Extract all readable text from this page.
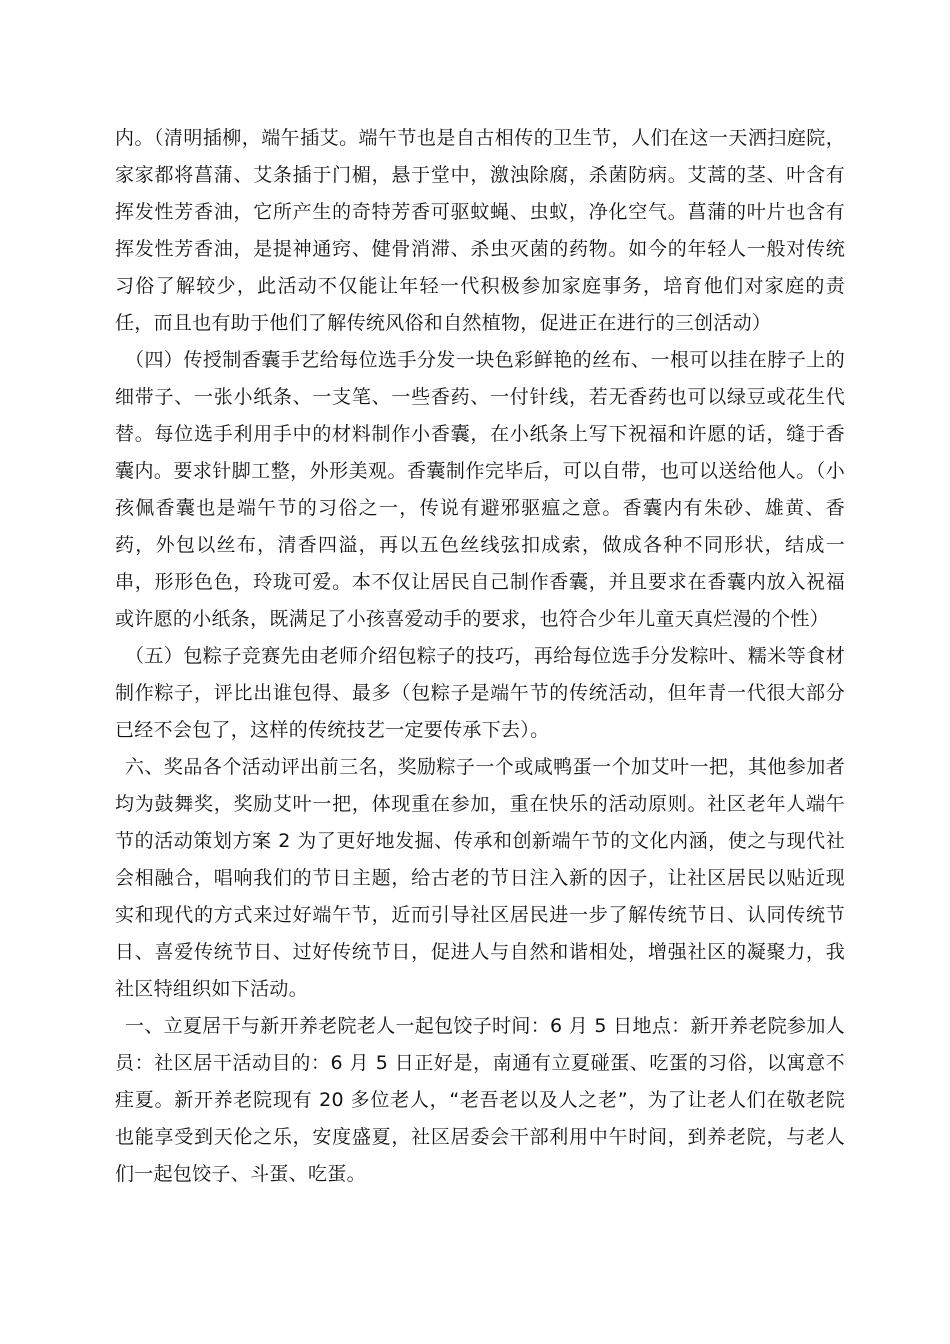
内。（清明插柳，端午插艾。端午节也是自古相传的卫生节，人们在这一天洒扫庭院，家家都将菖蒲、艾条插于门楣，悬于堂中，激浊除腐，杀菌防病。艾蒿的茎、叶含有挥发性芳香油，它所产生的奇特芳香可驱蚊蝇、虫蚁，净化空气。菖蒲的叶片也含有挥发性芳香油，是提神通窍、健骨消滞、杀虫灭菌的药物。如今的年轻人一般对传统习俗了解较少，此活动不仅能让年轻一代积极参加家庭事务，培育他们对家庭的责任，而且也有助于他们了解传统风俗和自然植物，促进正在进行的三创活动）

（四）传授制香囊手艺给每位选手分发一块色彩鲜艳的丝布、一根可以挂在脖子上的细带子、一张小纸条、一支笔、一些香药、一付针线，若无香药也可以绿豆或花生代替。每位选手利用手中的材料制作小香囊，在小纸条上写下祝福和许愿的话，缝于香囊内。要求针脚工整，外形美观。香囊制作完毕后，可以自带，也可以送给他人。（小孩佩香囊也是端午节的习俗之一，传说有避邪驱瘟之意。香囊内有朱砂、雄黄、香药，外包以丝布，清香四溢，再以五色丝线弦扣成索，做成各种不同形状，结成一串，形形色色，玲珑可爱。本不仅让居民自己制作香囊，并且要求在香囊内放入祝福或许愿的小纸条，既满足了小孩喜爱动手的要求，也符合少年儿童天真烂漫的个性）

（五）包粽子竞赛先由老师介绍包粽子的技巧，再给每位选手分发粽叶、糯米等食材制作粽子，评比出谁包得、最多（包粽子是端午节的传统活动，但年青一代很大部分已经不会包了，这样的传统技艺一定要传承下去）。

六、奖品各个活动评出前三名，奖励粽子一个或咸鸭蛋一个加艾叶一把，其他参加者均为鼓舞奖，奖励艾叶一把，体现重在参加，重在快乐的活动原则。社区老年人端午节的活动策划方案 2 为了更好地发掘、传承和创新端午节的文化内涵，使之与现代社会相融合，唱响我们的节日主题，给古老的节日注入新的因子，让社区居民以贴近现实和现代的方式来过好端午节，近而引导社区居民进一步了解传统节日、认同传统节日、喜爱传统节日、过好传统节日，促进人与自然和谐相处，增强社区的凝聚力，我社区特组织如下活动。

一、立夏居干与新开养老院老人一起包饺子时间：6 月 5 日地点：新开养老院参加人员：社区居干活动目的：6 月 5 日正好是，南通有立夏碰蛋、吃蛋的习俗，以寓意不疰夏。新开养老院现有 20 多位老人，“老吾老以及人之老”，为了让老人们在敬老院也能享受到天伦之乐，安度盛夏，社区居委会干部利用中午时间，到养老院，与老人们一起包饺子、斗蛋、吃蛋。
